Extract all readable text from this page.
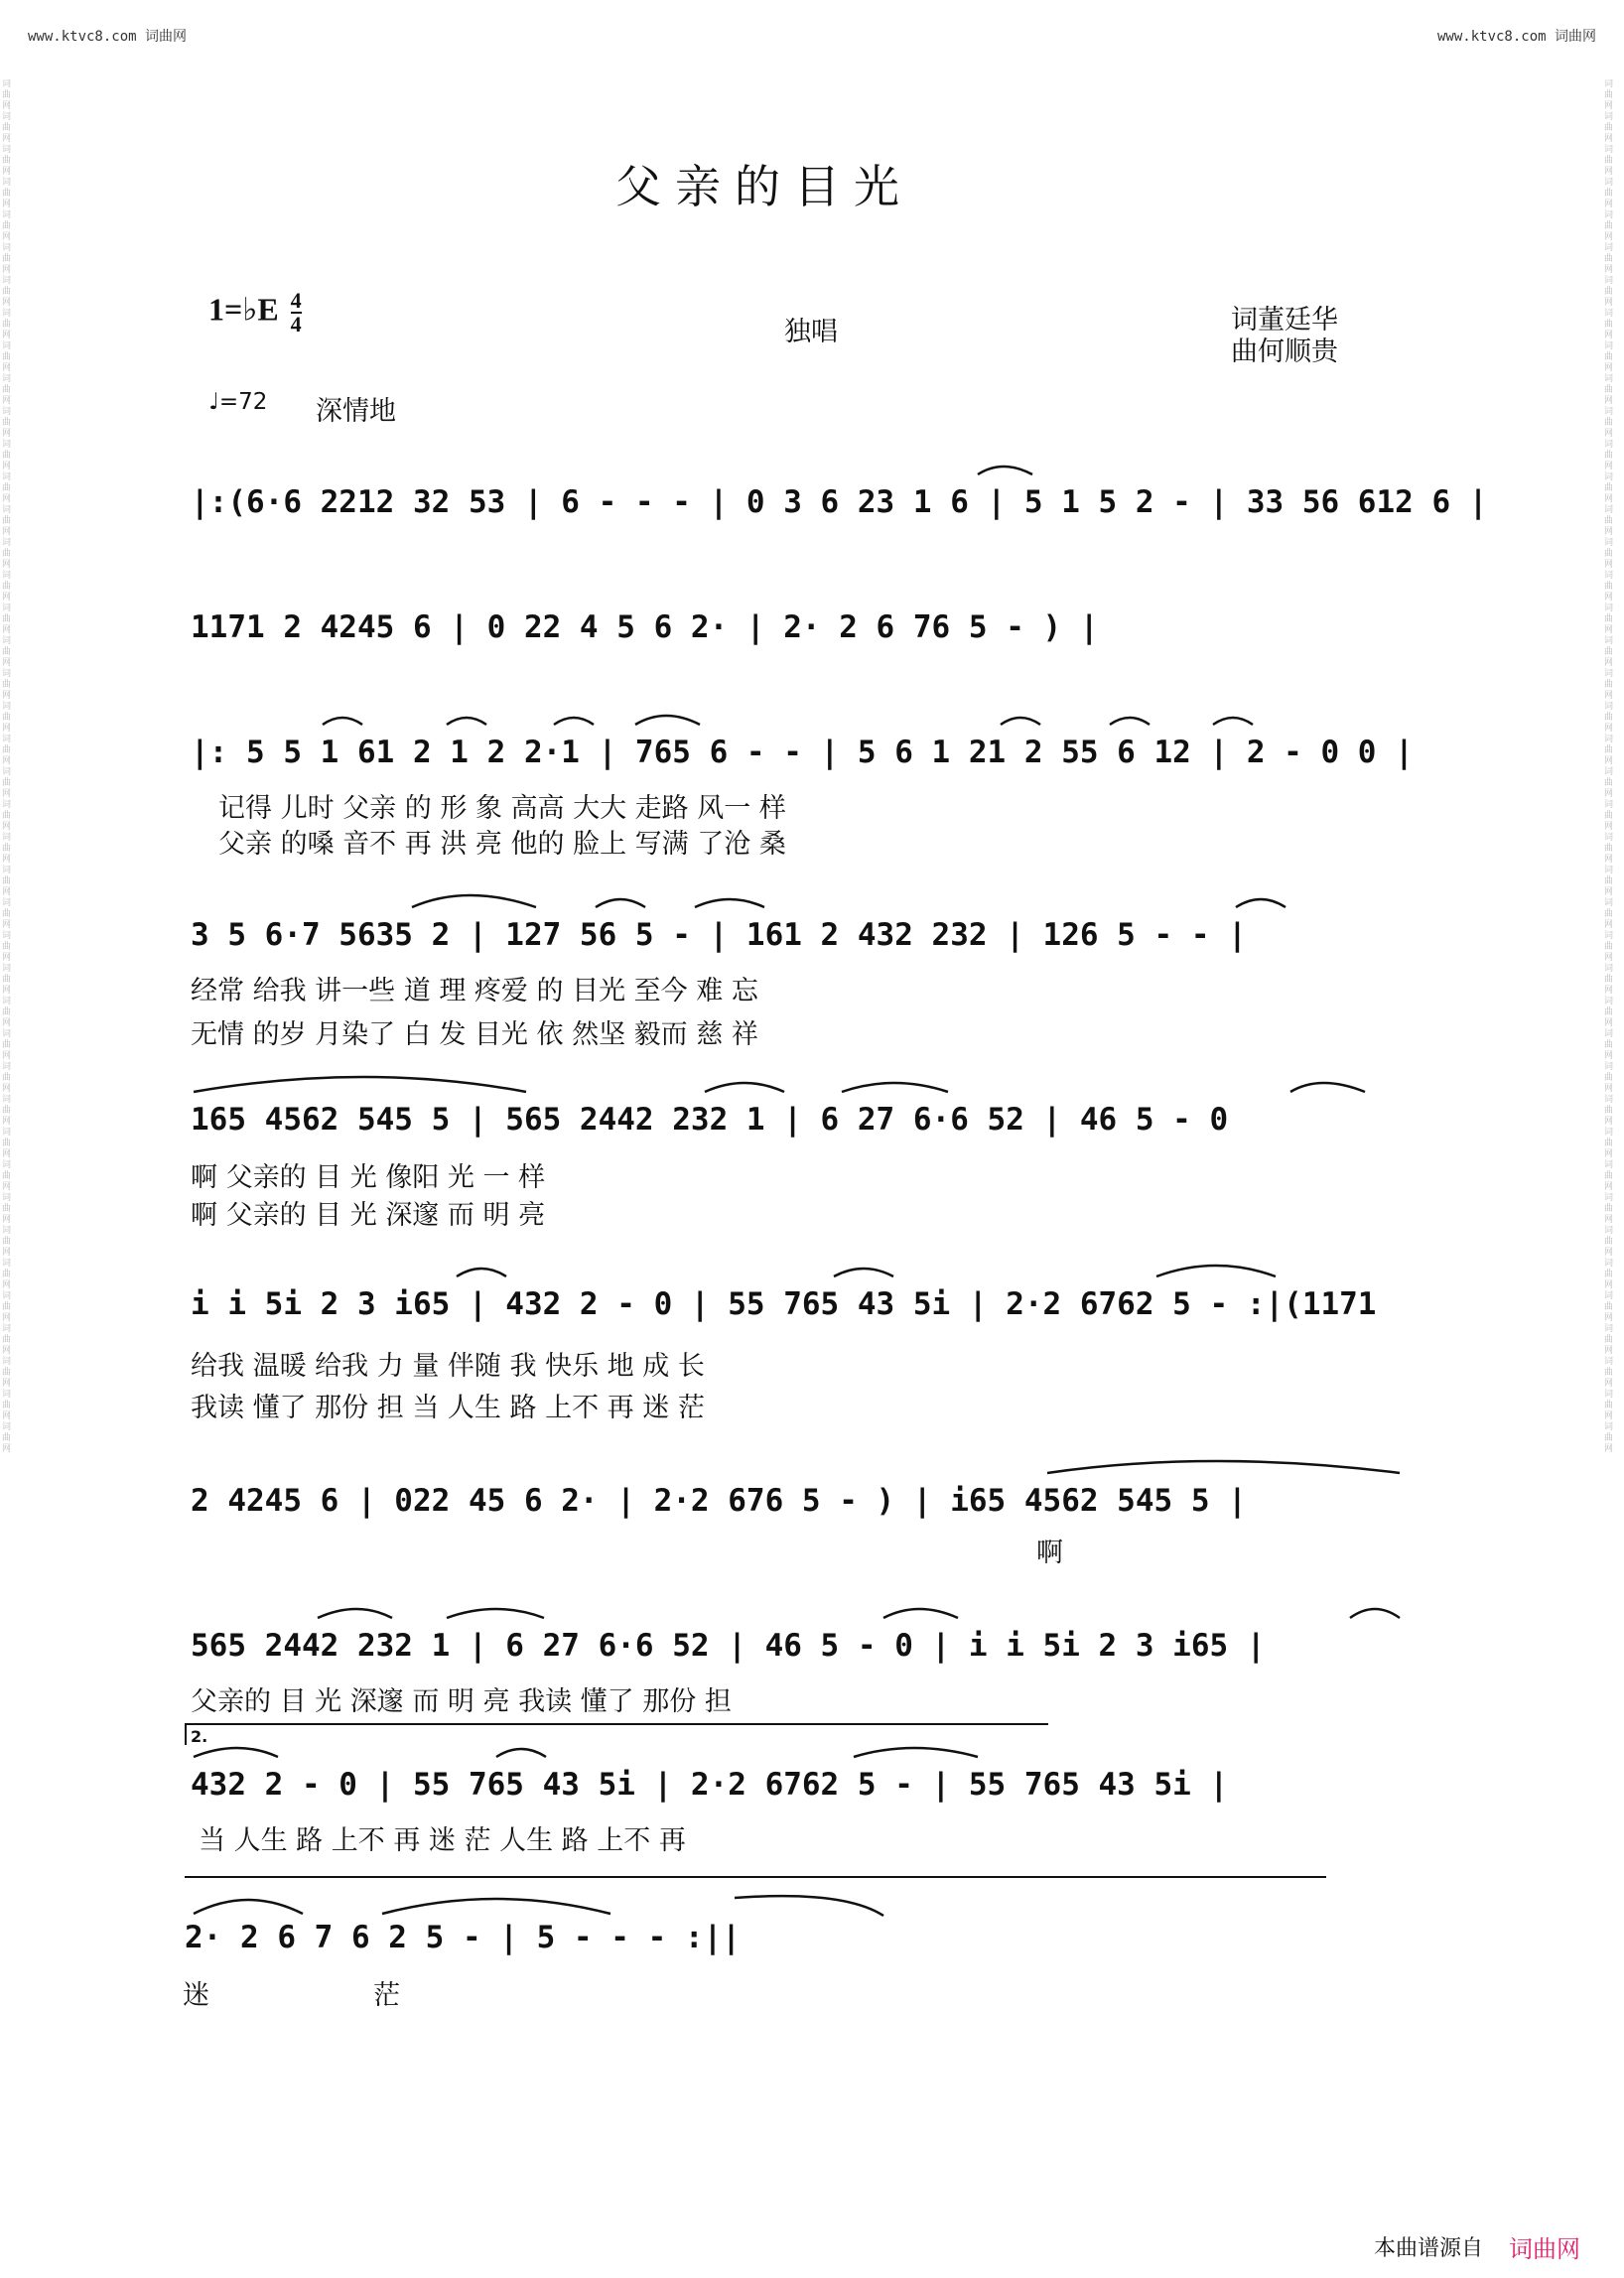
词曲网词曲网词曲网词曲网词曲网词曲网词曲网词曲网词曲网词曲网词曲网词曲网词曲网词曲网词曲网词曲网词曲网词曲网词曲网词曲网词曲网词曲网词曲网词曲网词曲网词曲网词曲网词曲网词曲网词曲网词曲网词曲网词曲网词曲网词曲网词曲网词曲网词曲网词曲网词曲网词曲网词曲网
词曲网词曲网词曲网词曲网词曲网词曲网词曲网词曲网词曲网词曲网词曲网词曲网词曲网词曲网词曲网词曲网词曲网词曲网词曲网词曲网词曲网词曲网词曲网词曲网词曲网词曲网词曲网词曲网词曲网词曲网词曲网词曲网词曲网词曲网词曲网词曲网词曲网词曲网词曲网词曲网词曲网词曲网
www.ktvc8.com 词曲网	www.ktvc8.com 词曲网
父亲的目光
1=♭E $\frac{4}{4}$	独唱	词董廷华
曲何顺贵
♩=72 深情地
|:(6·6 2212 32 53 | 6 - - - | 0 3 6 23 1 6 | 5 1 5 2 - | 33 56 612 6 |
1171 2 4245 6 | 0 22 4 5 6 2· | 2· 2 6 76 5 - ) |
|: 5 5 1 61 2 1 2 2·1 | 765 6 - - | 5 6 1 21 2 55 6 12 | 2 - 0 0 |
记得 儿时 父亲 的 形 象 高高 大大 走路 风一 样
父亲 的嗓 音不 再 洪 亮 他的 脸上 写满 了沧 桑
3 5 6·7 5635 2 | 127 56 5 - | 161 2 432 232 | 126 5 - - |
经常 给我 讲一些 道 理 疼爱 的 目光 至今 难 忘
无情 的岁 月染了 白 发 目光 依 然坚 毅而 慈 祥
165 4562 545 5 | 565 2442 232 1 | 6 27 6·6 52 | 46 5 - 0
啊 父亲的 目 光 像阳 光 一 样
啊 父亲的 目 光 深邃 而 明 亮
i i 5i 2 3 i65 | 432 2 - 0 | 55 765 43 5i | 2·2 6762 5 - :|(1171
给我 温暖 给我 力 量 伴随 我 快乐 地 成 长
我读 懂了 那份 担 当 人生 路 上不 再 迷 茫
2 4245 6 | 022 45 6 2· | 2·2 676 5 - ) | i65 4562 545 5 |
啊
565 2442 232 1 | 6 27 6·6 52 | 46 5 - 0 | i i 5i 2 3 i65 |
父亲的 目 光 深邃 而 明 亮 我读 懂了 那份 担
2.
432 2 - 0 | 55 765 43 5i | 2·2 6762 5 - | 55 765 43 5i |
当 人生 路 上不 再 迷 茫 人生 路 上不 再
2· 2 6 7 6 2 5 - | 5 - - - :||
迷	茫
本曲谱源自 词曲网
